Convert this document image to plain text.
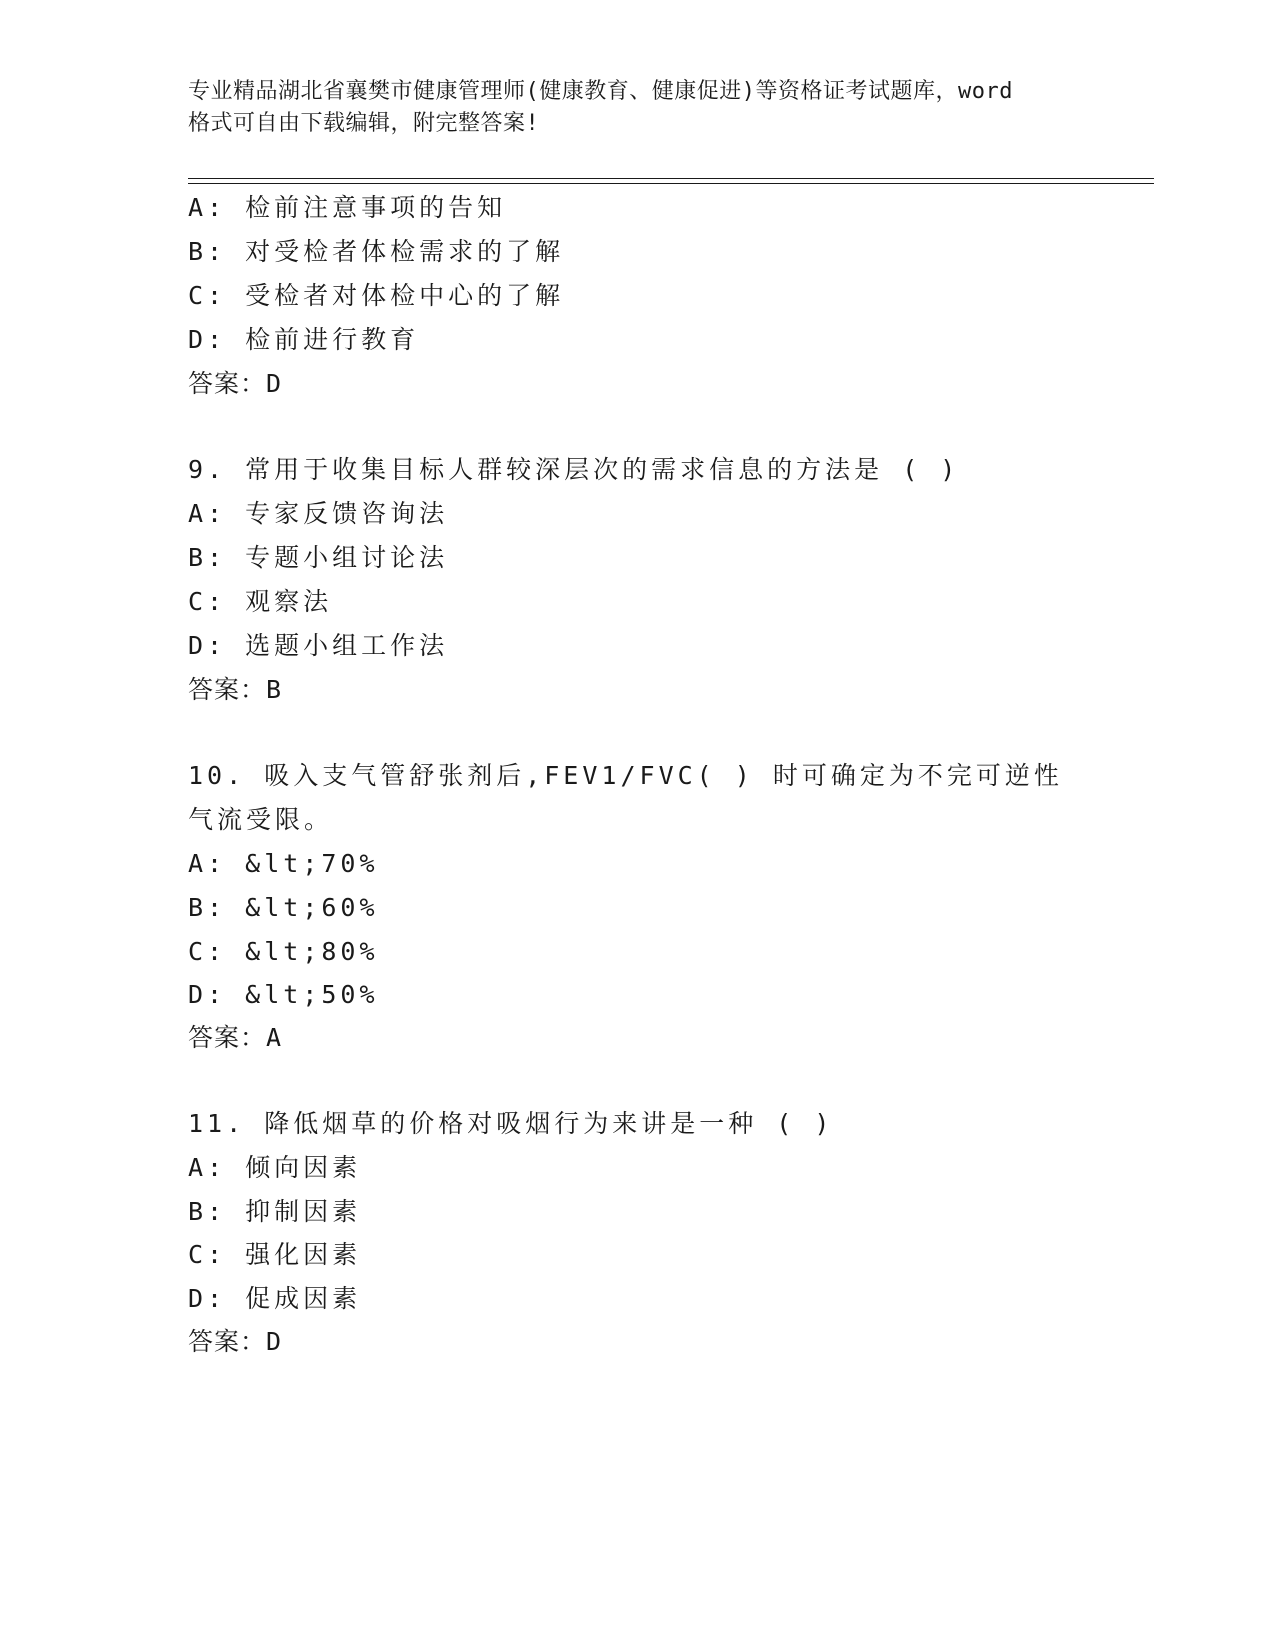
专业精品湖北省襄樊市健康管理师(健康教育、健康促进)等资格证考试题库，word
格式可自由下载编辑，附完整答案!
A: 检前注意事项的告知
B: 对受检者体检需求的了解
C: 受检者对体检中心的了解
D: 检前进行教育
答案：D
9. 常用于收集目标人群较深层次的需求信息的方法是 ( )
A: 专家反馈咨询法
B: 专题小组讨论法
C: 观察法
D: 选题小组工作法
答案：B
10. 吸入支气管舒张剂后,FEV1/FVC( ) 时可确定为不完可逆性
气流受限。
A: &lt;70%
B: &lt;60%
C: &lt;80%
D: &lt;50%
答案：A
11. 降低烟草的价格对吸烟行为来讲是一种 ( )
A: 倾向因素
B: 抑制因素
C: 强化因素
D: 促成因素
答案：D
